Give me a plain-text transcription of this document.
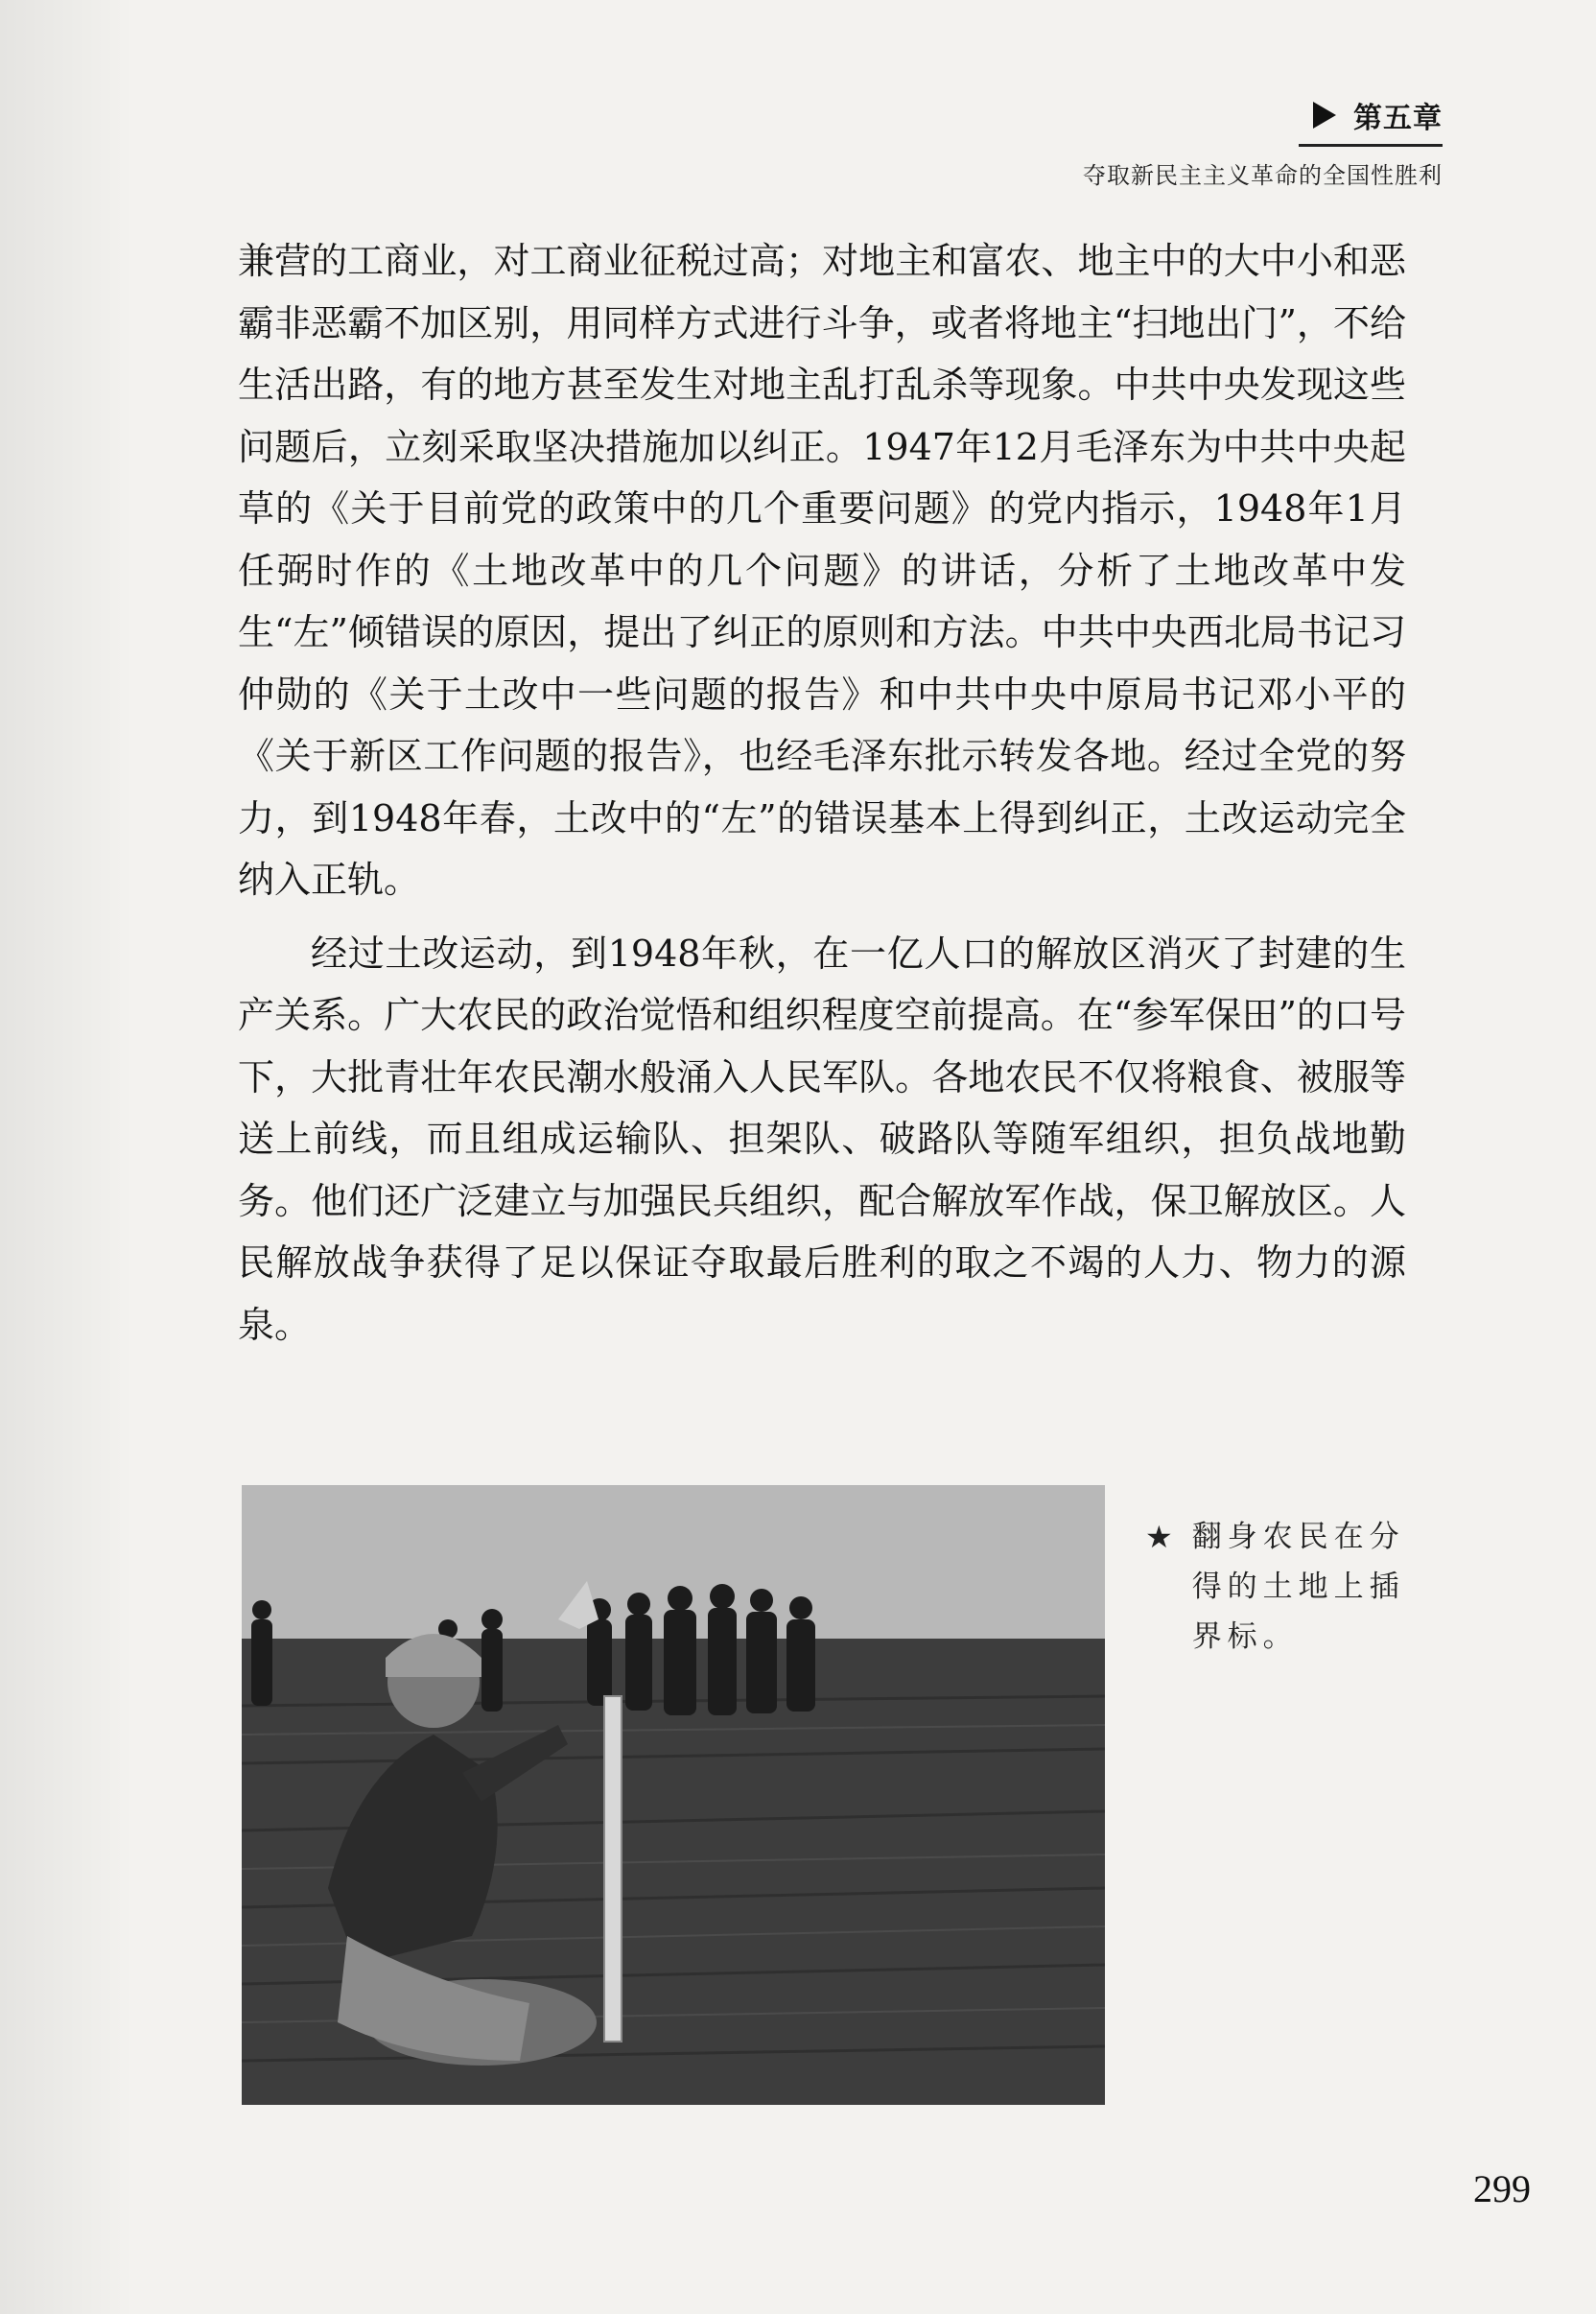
第五章
夺取新民主主义革命的全国性胜利

兼营的工商业，对工商业征税过高；对地主和富农、地主中的大中小和恶霸非恶霸不加区别，用同样方式进行斗争，或者将地主“扫地出门”，不给生活出路，有的地方甚至发生对地主乱打乱杀等现象。中共中央发现这些问题后，立刻采取坚决措施加以纠正。1947年12月毛泽东为中共中央起草的《关于目前党的政策中的几个重要问题》的党内指示，1948年1月任弼时作的《土地改革中的几个问题》的讲话，分析了土地改革中发生“左”倾错误的原因，提出了纠正的原则和方法。中共中央西北局书记习仲勋的《关于土改中一些问题的报告》和中共中央中原局书记邓小平的《关于新区工作问题的报告》，也经毛泽东批示转发各地。经过全党的努力，到1948年春，土改中的“左”的错误基本上得到纠正，土改运动完全纳入正轨。

经过土改运动，到1948年秋，在一亿人口的解放区消灭了封建的生产关系。广大农民的政治觉悟和组织程度空前提高。在“参军保田”的口号下，大批青壮年农民潮水般涌入人民军队。各地农民不仅将粮食、被服等送上前线，而且组成运输队、担架队、破路队等随军组织，担负战地勤务。他们还广泛建立与加强民兵组织，配合解放军作战，保卫解放区。人民解放战争获得了足以保证夺取最后胜利的取之不竭的人力、物力的源泉。

★ 翻身农民在分得的土地上插界标。
299
